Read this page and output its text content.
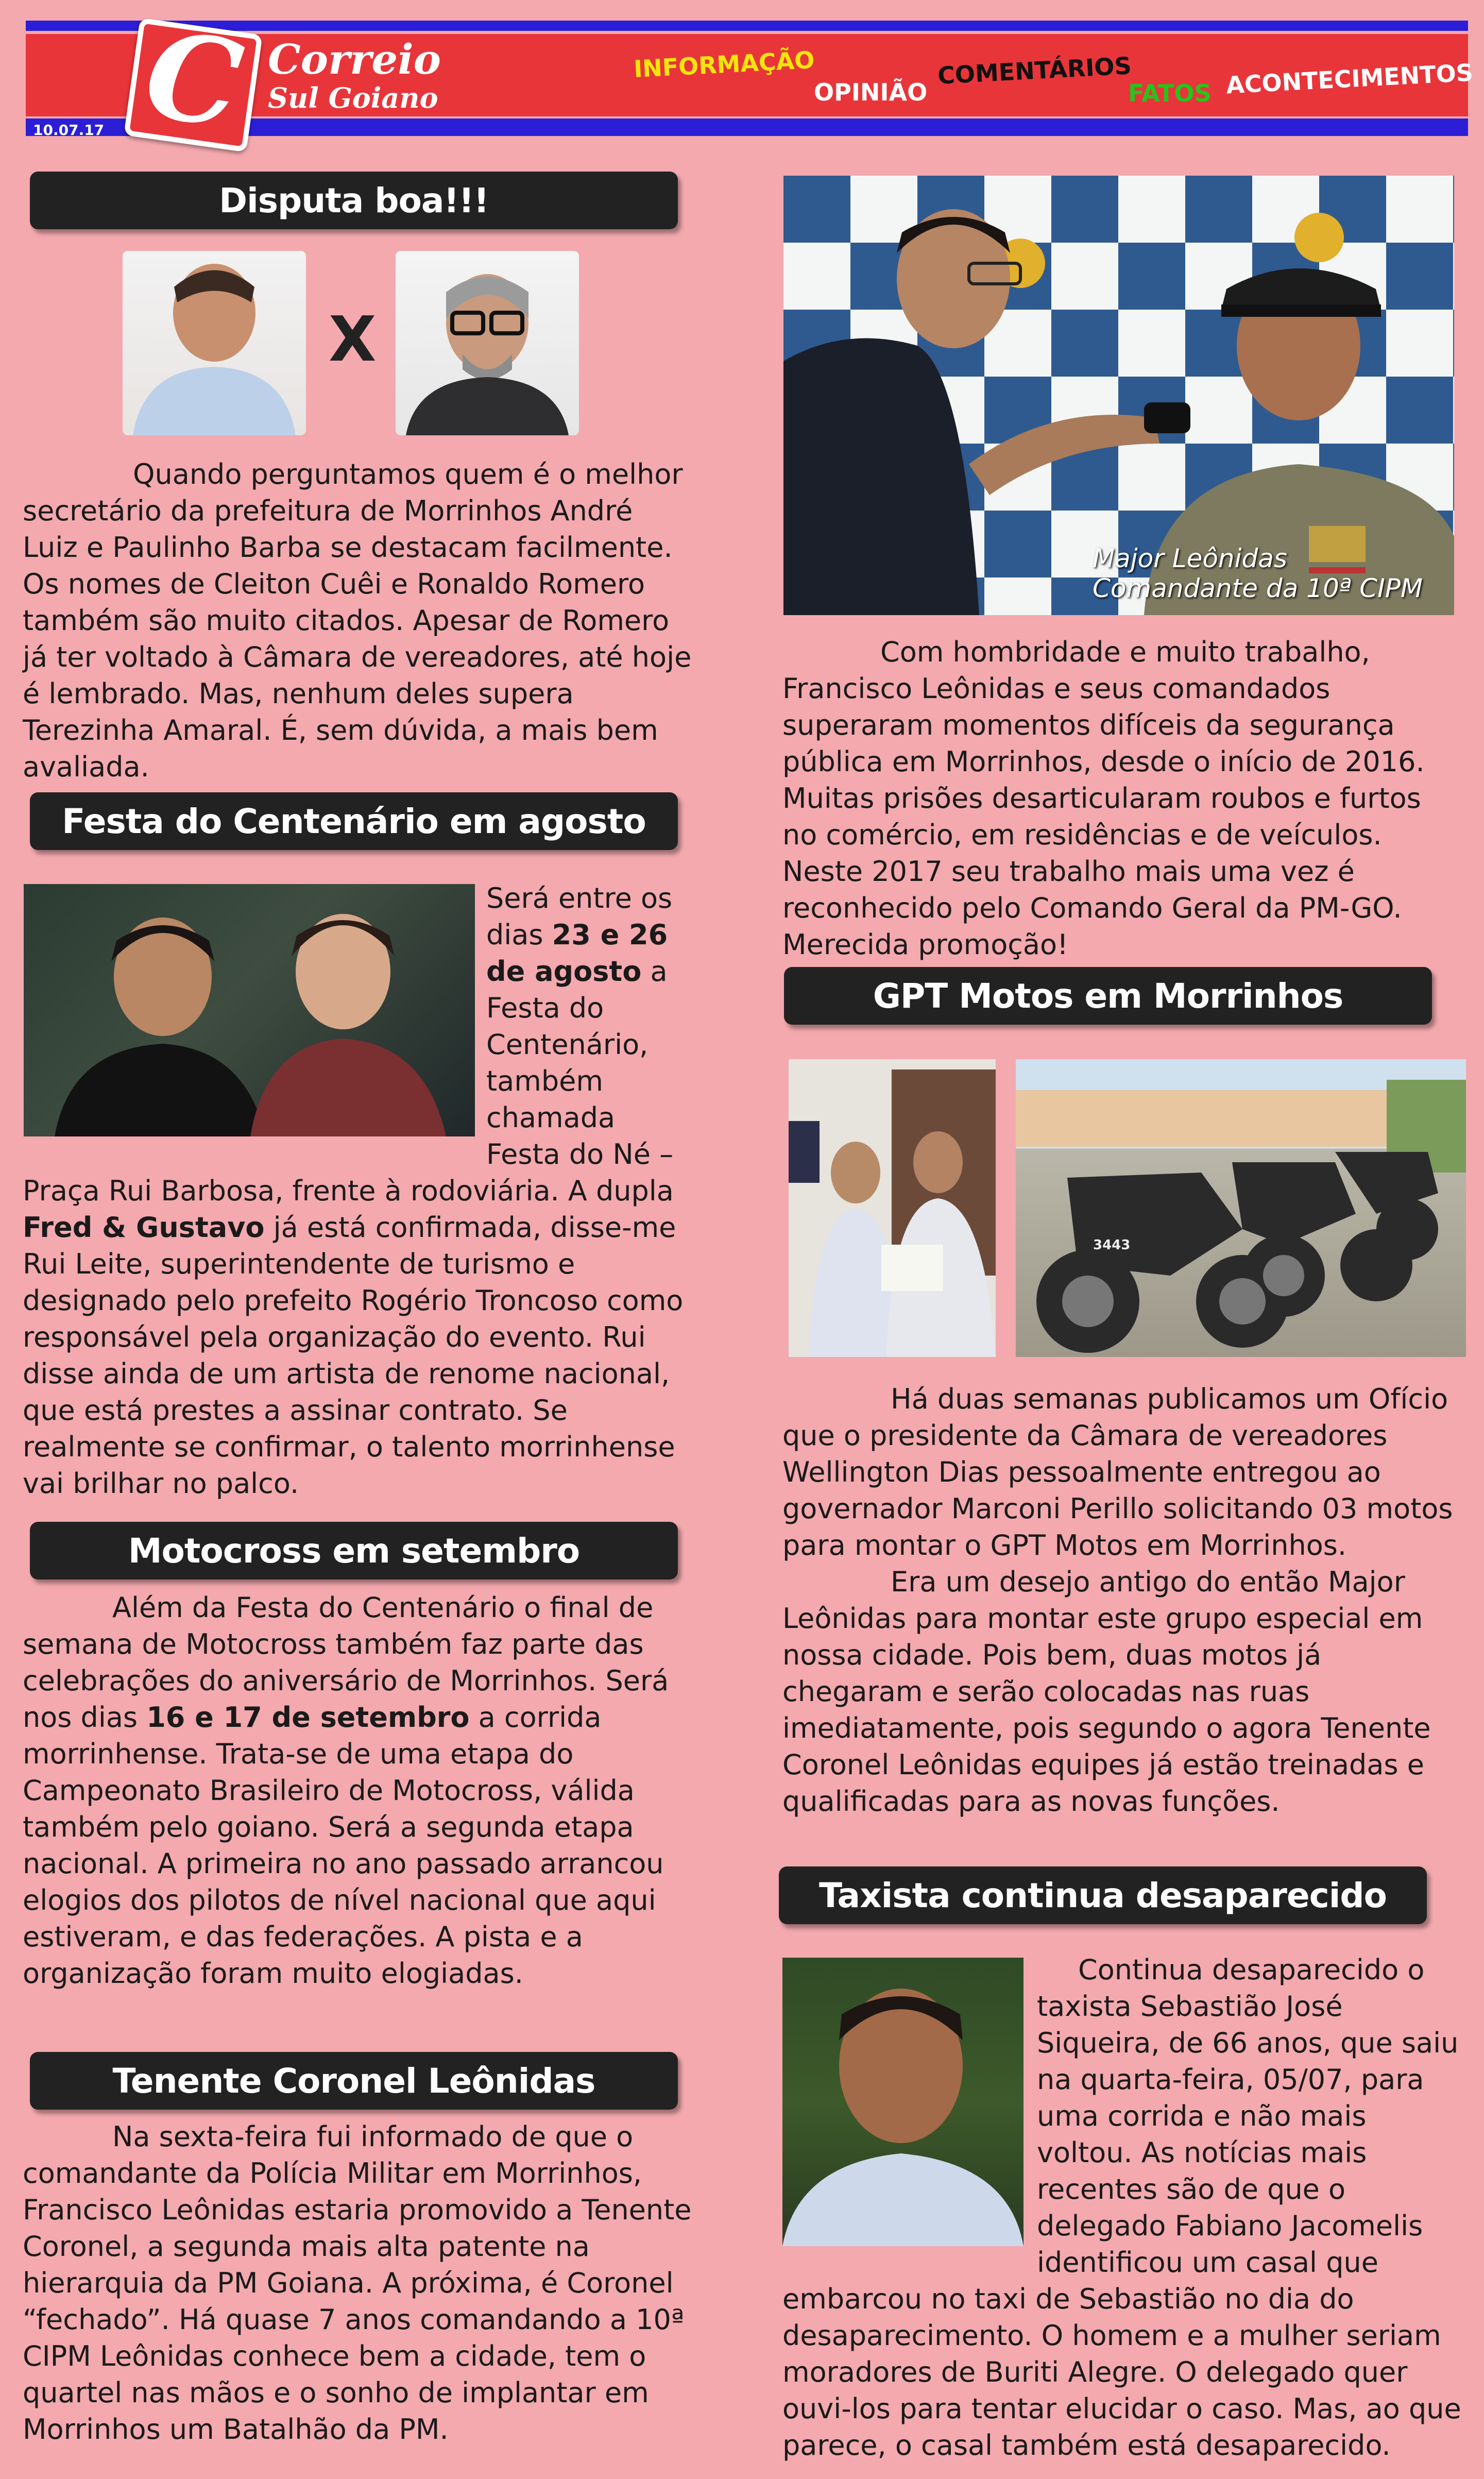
C Correio
Sul Goiano
10.07.17
INFORMAÇÃO
OPINIÃO
COMENTÁRIOS
FATOS ACONTECIMENTOS
Disputa boa!!!
X

Quando perguntamos quem é o melhor secretário da prefeitura de Morrinhos André Luiz e Paulinho Barba se destacam facilmente. Os nomes de Cleiton Cuêi e Ronaldo Romero também são muito citados. Apesar de Romero já ter voltado à Câmara de vereadores, até hoje é lembrado. Mas, nenhum deles supera Terezinha Amaral. É, sem dúvida, a mais bem avaliada.

Festa do Centenário em agosto

Será entre os dias 23 e 26 de agosto a Festa do Centenário, também chamada Festa do Né – Praça Rui Barbosa, frente à rodoviária. A dupla Fred & Gustavo já está confirmada, disse-me Rui Leite, superintendente de turismo e designado pelo prefeito Rogério Troncoso como responsável pela organização do evento. Rui disse ainda de um artista de renome nacional, que está prestes a assinar contrato. Se realmente se confirmar, o talento morrinhense vai brilhar no palco.

Motocross em setembro

Além da Festa do Centenário o final de semana de Motocross também faz parte das celebrações do aniversário de Morrinhos. Será nos dias 16 e 17 de setembro a corrida morrinhense. Trata-se de uma etapa do Campeonato Brasileiro de Motocross, válida também pelo goiano. Será a segunda etapa nacional. A primeira no ano passado arrancou elogios dos pilotos de nível nacional que aqui estiveram, e das federações. A pista e a organização foram muito elogiadas.

Tenente Coronel Leônidas

Na sexta-feira fui informado de que o comandante da Polícia Militar em Morrinhos, Francisco Leônidas estaria promovido a Tenente Coronel, a segunda mais alta patente na hierarquia da PM Goiana. A próxima, é Coronel “fechado”. Há quase 7 anos comandando a 10ª CIPM Leônidas conhece bem a cidade, tem o quartel nas mãos e o sonho de implantar em Morrinhos um Batalhão da PM.

Major Leônidas
Comandante da 10ª CIPM

Com hombridade e muito trabalho, Francisco Leônidas e seus comandados superaram momentos difíceis da segurança pública em Morrinhos, desde o início de 2016. Muitas prisões desarticularam roubos e furtos no comércio, em residências e de veículos. Neste 2017 seu trabalho mais uma vez é reconhecido pelo Comando Geral da PM-GO. Merecida promoção!

GPT Motos em Morrinhos
3443

Há duas semanas publicamos um Ofício que o presidente da Câmara de vereadores Wellington Dias pessoalmente entregou ao governador Marconi Perillo solicitando 03 motos para montar o GPT Motos em Morrinhos.

Era um desejo antigo do então Major Leônidas para montar este grupo especial em nossa cidade. Pois bem, duas motos já chegaram e serão colocadas nas ruas imediatamente, pois segundo o agora Tenente Coronel Leônidas equipes já estão treinadas e qualificadas para as novas funções.

Taxista continua desaparecido

Continua desaparecido o taxista Sebastião José Siqueira, de 66 anos, que saiu na quarta-feira, 05/07, para uma corrida e não mais voltou. As notícias mais recentes são de que o delegado Fabiano Jacomelis identificou um casal que embarcou no taxi de Sebastião no dia do desaparecimento. O homem e a mulher seriam moradores de Buriti Alegre. O delegado quer ouvi-los para tentar elucidar o caso. Mas, ao que parece, o casal também está desaparecido.
